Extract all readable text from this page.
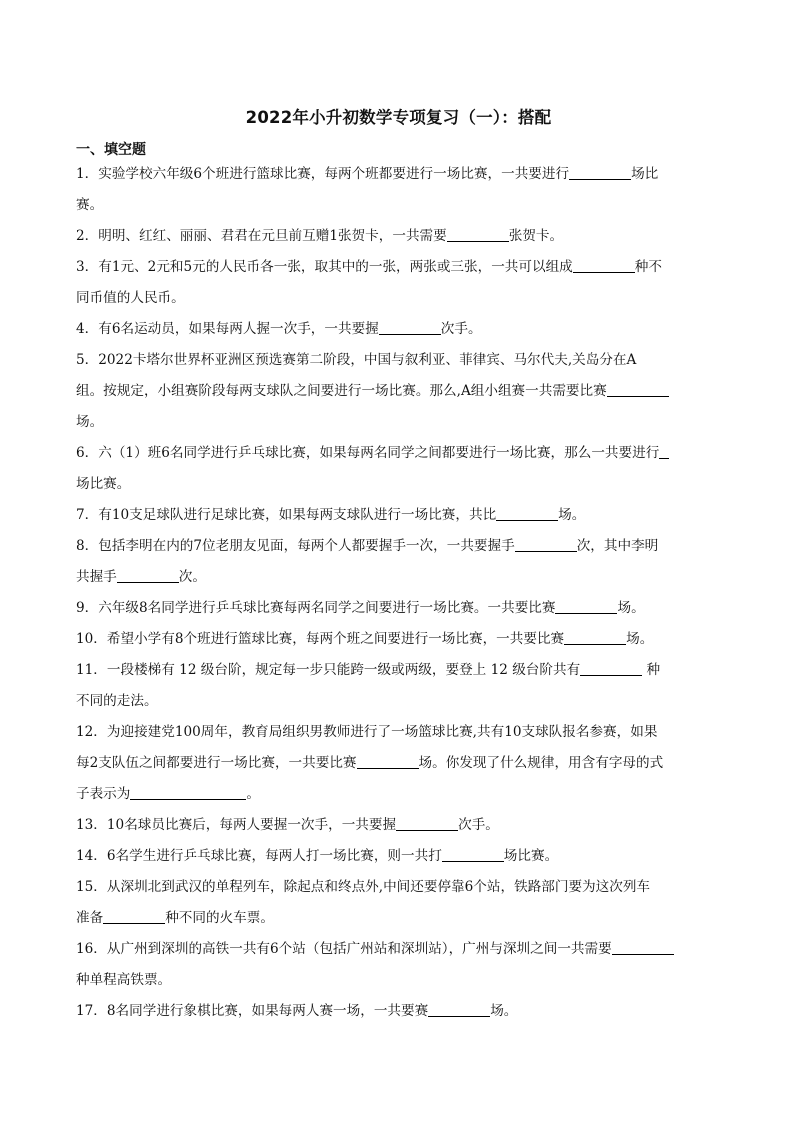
2022年小升初数学专项复习（一）：搭配
一、填空题
1．实验学校六年级6个班进行篮球比赛，每两个班都要进行一场比赛，一共要进行	场比
赛。
2．明明、红红、丽丽、君君在元旦前互赠1张贺卡，一共需要	张贺卡。
3．有1元、2元和5元的人民币各一张，取其中的一张，两张或三张，一共可以组成	种不
同币值的人民币。
4．有6名运动员，如果每两人握一次手，一共要握	次手。
5．2022卡塔尔世界杯亚洲区预选赛第二阶段，中国与叙利亚、菲律宾、马尔代夫,关岛分在A
组。按规定，小组赛阶段每两支球队之间要进行一场比赛。那么,A组小组赛一共需要比赛
场。
6．六（1）班6名同学进行乒乓球比赛，如果每两名同学之间都要进行一场比赛，那么一共要进行
场比赛。
7．有10支足球队进行足球比赛，如果每两支球队进行一场比赛，共比	场。
8．包括李明在内的7位老朋友见面，每两个人都要握手一次，一共要握手	次，其中李明
共握手	次。
9．六年级8名同学进行乒乓球比赛每两名同学之间要进行一场比赛。一共要比赛	场。
10．希望小学有8个班进行篮球比赛，每两个班之间要进行一场比赛，一共要比赛	场。
11．一段楼梯有 12 级台阶，规定每一步只能跨一级或两级，要登上 12 级台阶共有	种
不同的走法。
12．为迎接建党100周年，教育局组织男教师进行了一场篮球比赛,共有10支球队报名参赛，如果
每2支队伍之间都要进行一场比赛，一共要比赛	场。你发现了什么规律，用含有字母的式
子表示为	。
13．10名球员比赛后，每两人要握一次手，一共要握	次手。
14．6名学生进行乒乓球比赛，每两人打一场比赛，则一共打	场比赛。
15．从深圳北到武汉的单程列车，除起点和终点外,中间还要停靠6个站，铁路部门要为这次列车
准备	种不同的火车票。
16．从广州到深圳的高铁一共有6个站（包括广州站和深圳站），广州与深圳之间一共需要
种单程高铁票。
17．8名同学进行象棋比赛，如果每两人赛一场，一共要赛	场。
